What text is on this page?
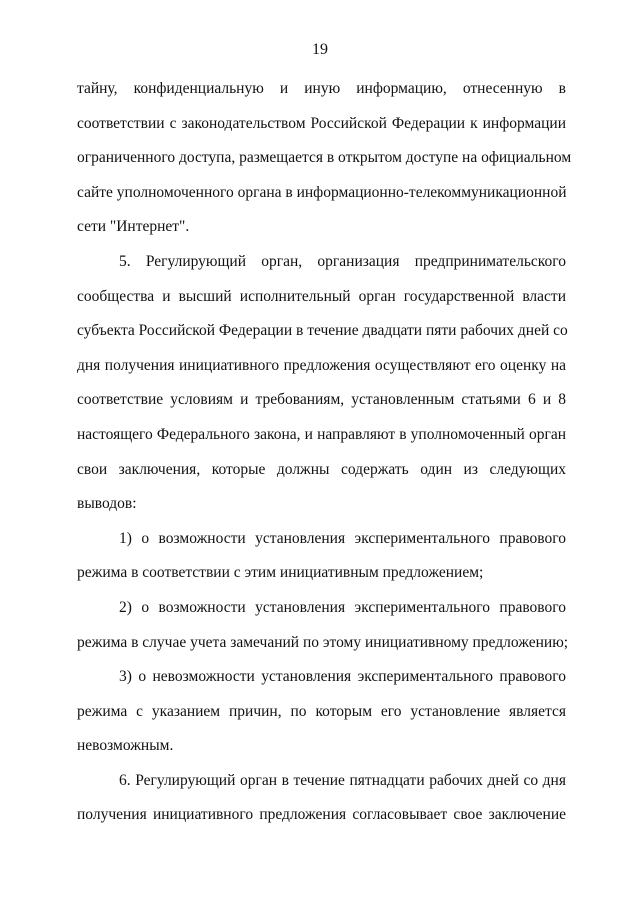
19
тайну, конфиденциальную и иную информацию, отнесенную в
соответствии с законодательством Российской Федерации к информации
ограниченного доступа, размещается в открытом доступе на официальном
сайте уполномоченного органа в информационно-телекоммуникационной
сети "Интернет".
5. Регулирующий орган, организация предпринимательского
сообщества и высший исполнительный орган государственной власти
субъекта Российской Федерации в течение двадцати пяти рабочих дней со
дня получения инициативного предложения осуществляют его оценку на
соответствие условиям и требованиям, установленным статьями 6 и 8
настоящего Федерального закона, и направляют в уполномоченный орган
свои заключения, которые должны содержать один из следующих
выводов:
1) о возможности установления экспериментального правового
режима в соответствии с этим инициативным предложением;
2) о возможности установления экспериментального правового
режима в случае учета замечаний по этому инициативному предложению;
3) о невозможности установления экспериментального правового
режима с указанием причин, по которым его установление является
невозможным.
6. Регулирующий орган в течение пятнадцати рабочих дней со дня
получения инициативного предложения согласовывает свое заключение
